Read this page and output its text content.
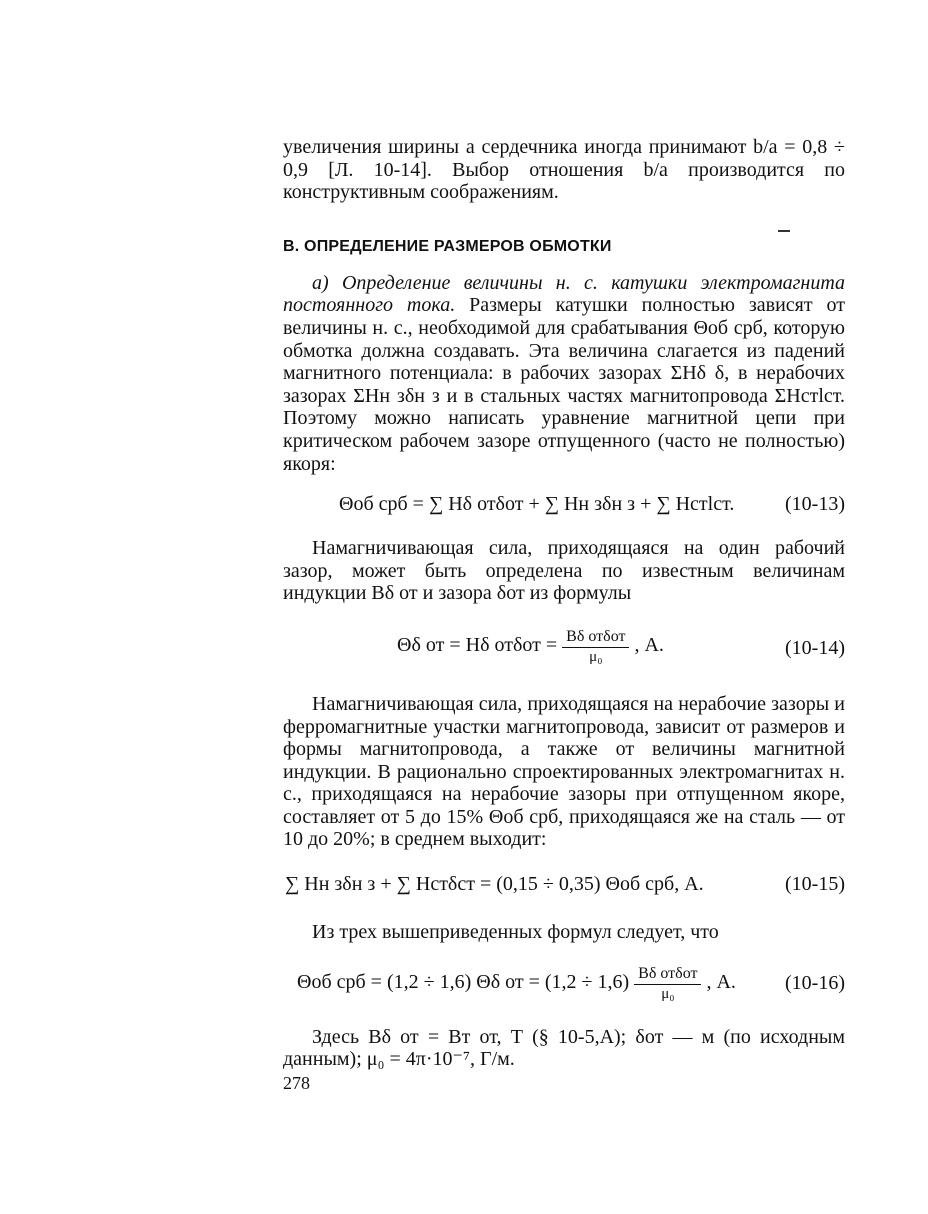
увеличения ширины a сердечника иногда принимают b/a = 0,8 ÷ 0,9 [Л. 10-14]. Выбор отношения b/a производится по конструктивным соображениям.

В. ОПРЕДЕЛЕНИЕ РАЗМЕРОВ ОБМОТКИ

а) Определение величины н. с. катушки электромагнита постоянного тока. Размеры катушки полностью зависят от величины н. с., необходимой для срабатывания Θоб срб, которую обмотка должна создавать. Эта величина слагается из падений магнитного потенциала: в рабочих зазорах ΣHδ δ, в нерабочих зазорах ΣHн зδн з и в стальных частях магнитопровода ΣHстlст. Поэтому можно написать уравнение магнитной цепи при критическом рабочем зазоре отпущенного (часто не полностью) якоря:

Θоб срб = ∑ Hδ отδот + ∑ Hн зδн з + ∑ Hстlст.	(10-13)

Намагничивающая сила, приходящаяся на один рабочий зазор, может быть определена по известным величинам индукции Bδ от и зазора δот из формулы

Θδ от = Hδ $от\delta от = \frac{\text{Bδ отδот}}{\text{μ₀}}$ , А.	(10-14)

Намагничивающая сила, приходящаяся на нерабочие зазоры и ферромагнитные участки магнитопровода, зависит от размеров и формы магнитопровода, а также от величины магнитной индукции. В рационально спроектированных электромагнитах н. с., приходящаяся на нерабочие зазоры при отпущенном якоре, составляет от 5 до 15% Θоб срб, приходящаяся же на сталь — от 10 до 20%; в среднем выходит:

∑ Hн зδн з + ∑ Hстδст = (0,15 ÷ 0,35) Θоб срб, А.	(10-15)

Из трех вышеприведенных формул следует, что

Θоб срб = (1,2 ÷ 1,6) Θδ от = $(1,2 \div 1,6) \frac{\text{Bδ отδот}}{\text{μ₀}}$ , А. (10-16)

Здесь Bδ от = Bт от, Т (§ 10-5,А); δот — м (по исходным данным); μ₀ = 4π·10⁻⁷, Г/м.

278
